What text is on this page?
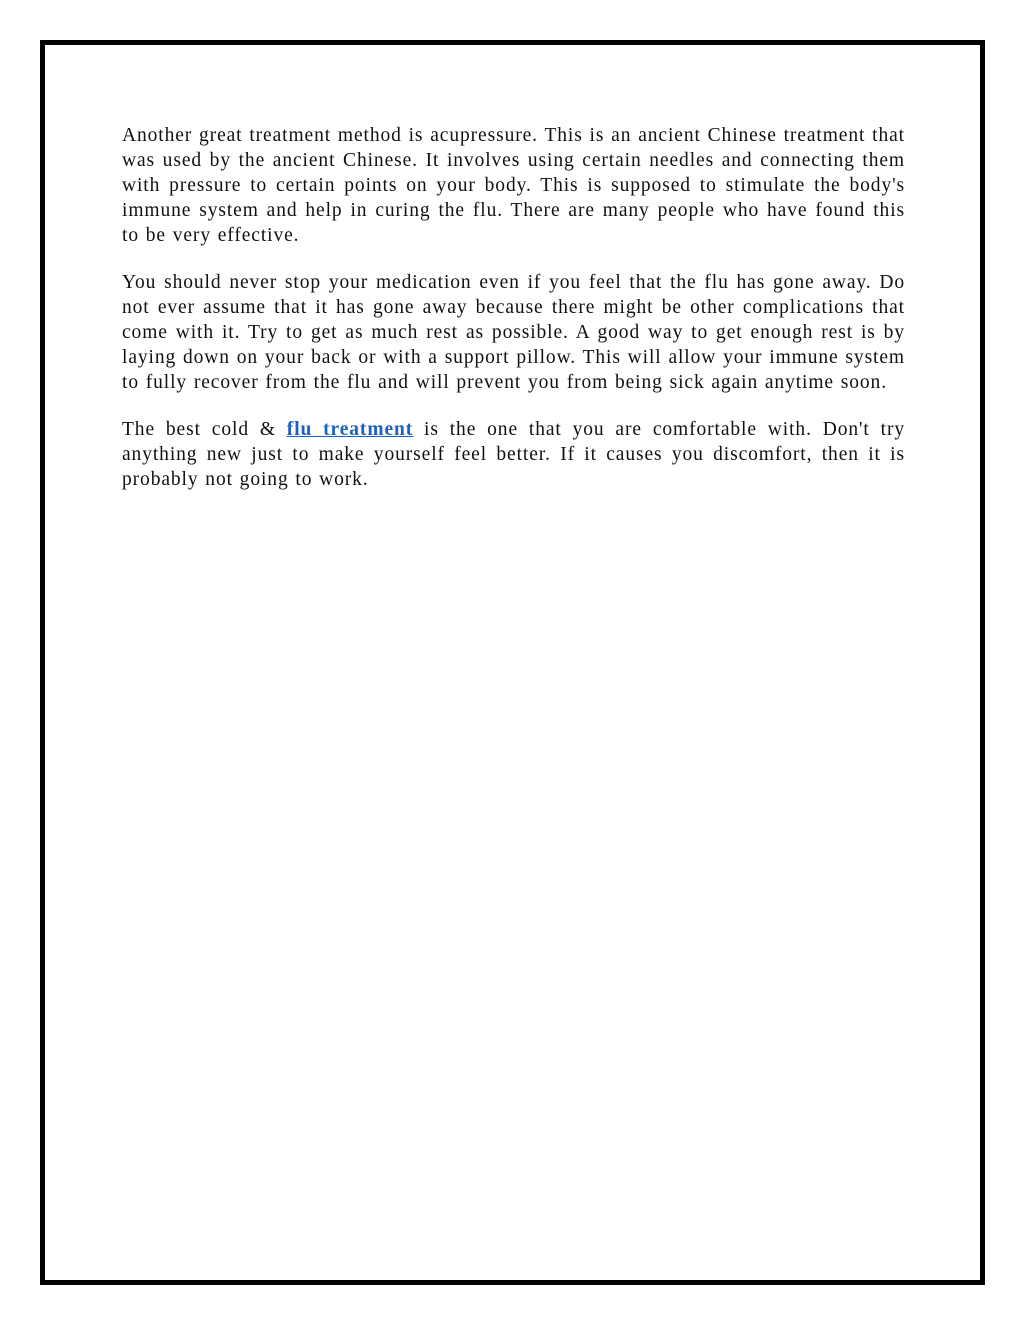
Another great treatment method is acupressure. This is an ancient Chinese treatment that was used by the ancient Chinese. It involves using certain needles and connecting them with pressure to certain points on your body. This is supposed to stimulate the body's immune system and help in curing the flu. There are many people who have found this to be very effective.

You should never stop your medication even if you feel that the flu has gone away. Do not ever assume that it has gone away because there might be other complications that come with it. Try to get as much rest as possible. A good way to get enough rest is by laying down on your back or with a support pillow. This will allow your immune system to fully recover from the flu and will prevent you from being sick again anytime soon.

The best cold & flu treatment is the one that you are comfortable with. Don't try anything new just to make yourself feel better. If it causes you discomfort, then it is probably not going to work.
